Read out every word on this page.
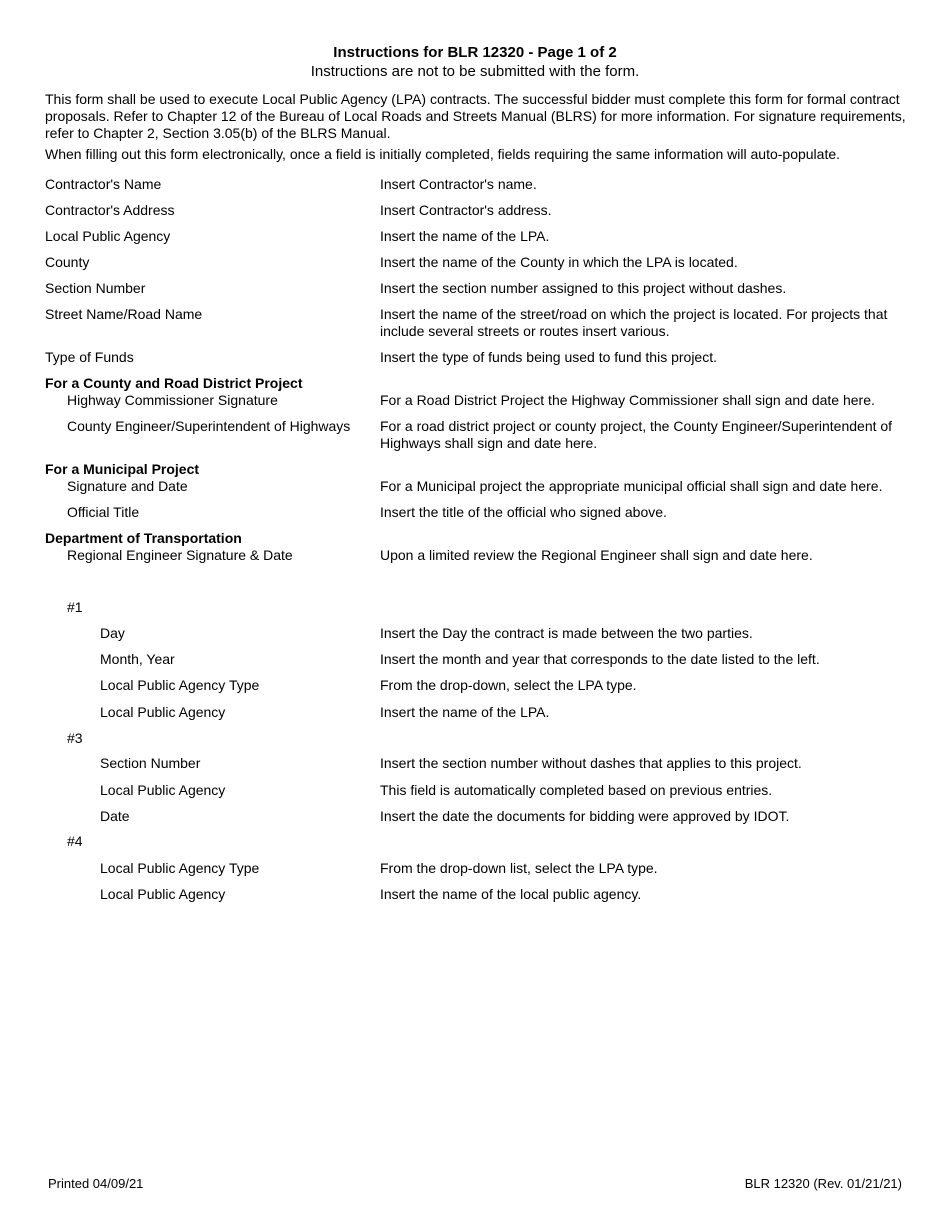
Instructions for BLR 12320 - Page 1 of 2
Instructions are not to be submitted with the form.
This form shall be used to execute Local Public Agency (LPA) contracts. The successful bidder must complete this form for formal contract proposals. Refer to Chapter 12 of the Bureau of Local Roads and Streets Manual (BLRS) for more information. For signature requirements, refer to Chapter 2, Section 3.05(b) of the BLRS Manual.
When filling out this form electronically, once a field is initially completed, fields requiring the same information will auto-populate.
Contractor's Name	Insert Contractor's name.
Contractor's Address	Insert Contractor's address.
Local Public Agency	Insert the name of the LPA.
County	Insert the name of the County in which the LPA is located.
Section Number	Insert the section number assigned to this project without dashes.
Street Name/Road Name	Insert the name of the street/road on which the project is located. For projects that include several streets or routes insert various.
Type of Funds	Insert the type of funds being used to fund this project.
For a County and Road District Project
Highway Commissioner Signature	For a Road District Project the Highway Commissioner shall sign and date here.
County Engineer/Superintendent of Highways	For a road district project or county project, the County Engineer/Superintendent of Highways shall sign and date here.
For a Municipal Project
Signature and Date	For a Municipal project the appropriate municipal official shall sign and date here.
Official Title	Insert the title of the official who signed above.
Department of Transportation
Regional Engineer Signature & Date	Upon a limited review the Regional Engineer shall sign and date here.
#1
Day	Insert the Day the contract is made between the two parties.
Month, Year	Insert the month and year that corresponds to the date listed to the left.
Local Public Agency Type	From the drop-down, select the LPA type.
Local Public Agency	Insert the name of the LPA.
#3
Section Number	Insert the section number without dashes that applies to this project.
Local Public Agency	This field is automatically completed based on previous entries.
Date	Insert the date the documents for bidding were approved by IDOT.
#4
Local Public Agency Type	From the drop-down list, select the LPA type.
Local Public Agency	Insert the name of the local public agency.
Printed 04/09/21	BLR 12320 (Rev. 01/21/21)
